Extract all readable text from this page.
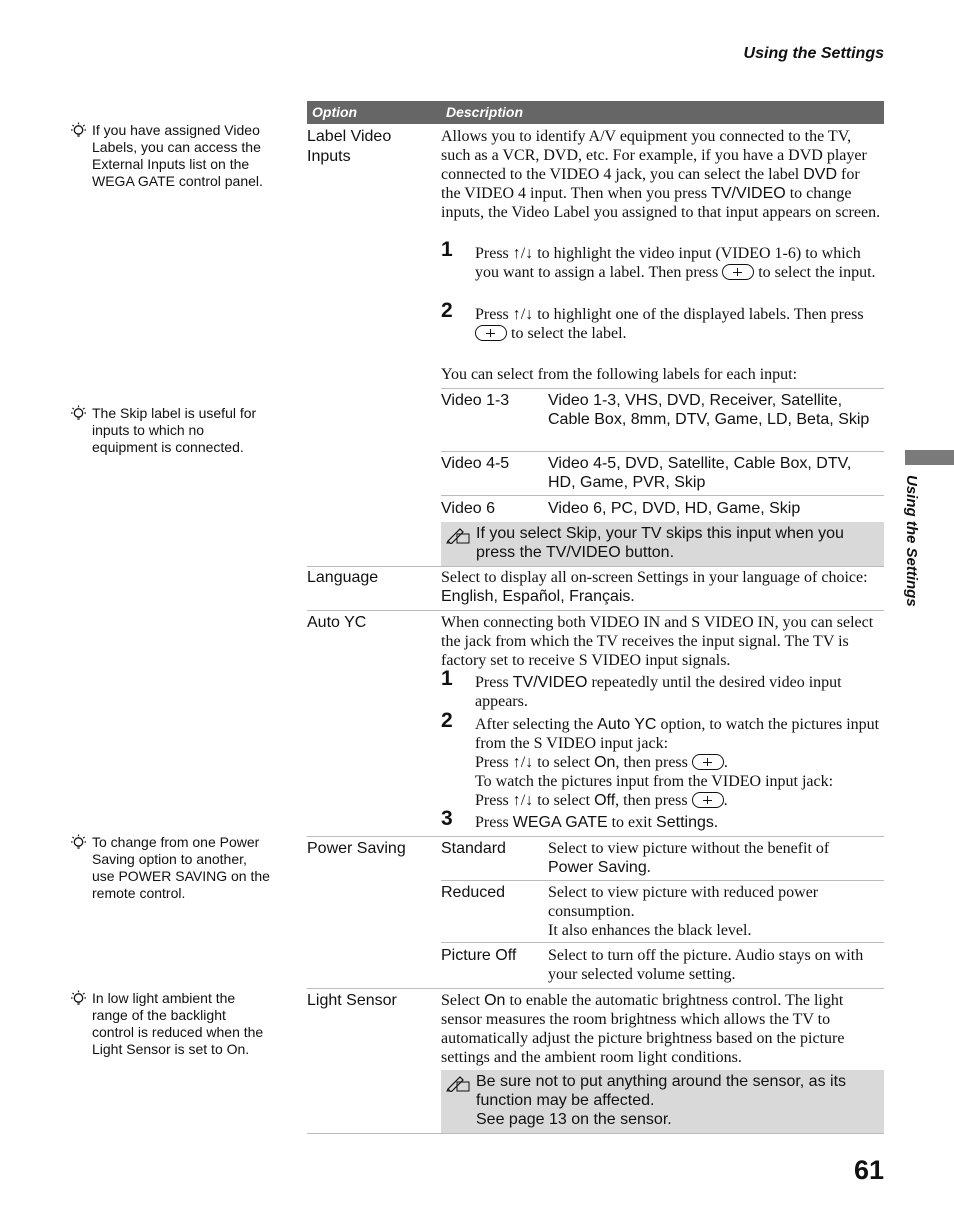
Using the Settings
If you have assigned Video Labels, you can access the External Inputs list on the WEGA GATE control panel.
The Skip label is useful for inputs to which no equipment is connected.
To change from one Power Saving option to another, use POWER SAVING on the remote control.
In low light ambient the range of the backlight control is reduced when the Light Sensor is set to On.
Using the Settings
Option	Description
Label Video Inputs
Allows you to identify A/V equipment you connected to the TV, such as a VCR, DVD, etc. For example, if you have a DVD player connected to the VIDEO 4 jack, you can select the label DVD for the VIDEO 4 input. Then when you press TV/VIDEO to change inputs, the Video Label you assigned to that input appears on screen.
1 Press ↑/↓ to highlight the video input (VIDEO 1-6) to which you want to assign a label. Then press  to select the input.
2 Press ↑/↓ to highlight one of the displayed labels. Then press  to select the label.
You can select from the following labels for each input:
Video 1-3	Video 1-3, VHS, DVD, Receiver, Satellite, Cable Box, 8mm, DTV, Game, LD, Beta, Skip
Video 4-5	Video 4-5, DVD, Satellite, Cable Box, DTV, HD, Game, PVR, Skip
Video 6	Video 6, PC, DVD, HD, Game, Skip
If you select Skip, your TV skips this input when you press the TV/VIDEO button.
Language	Select to display all on-screen Settings in your language of choice: English, Español, Français.
Auto YC	When connecting both VIDEO IN and S VIDEO IN, you can select the jack from which the TV receives the input signal. The TV is factory set to receive S VIDEO input signals.
1 Press TV/VIDEO repeatedly until the desired video input appears.
2 After selecting the Auto YC option, to watch the pictures input from the S VIDEO input jack:
Press ↑/↓ to select On, then press .
To watch the pictures input from the VIDEO input jack:
Press ↑/↓ to select Off, then press .
3 Press WEGA GATE to exit Settings.
Power Saving	Standard	Select to view picture without the benefit of Power Saving.
Reduced	Select to view picture with reduced power consumption.
It also enhances the black level.
Picture Off	Select to turn off the picture. Audio stays on with your selected volume setting.
Light Sensor	Select On to enable the automatic brightness control. The light sensor measures the room brightness which allows the TV to automatically adjust the picture brightness based on the picture settings and the ambient room light conditions.
Be sure not to put anything around the sensor, as its function may be affected.
See page 13 on the sensor.
61
